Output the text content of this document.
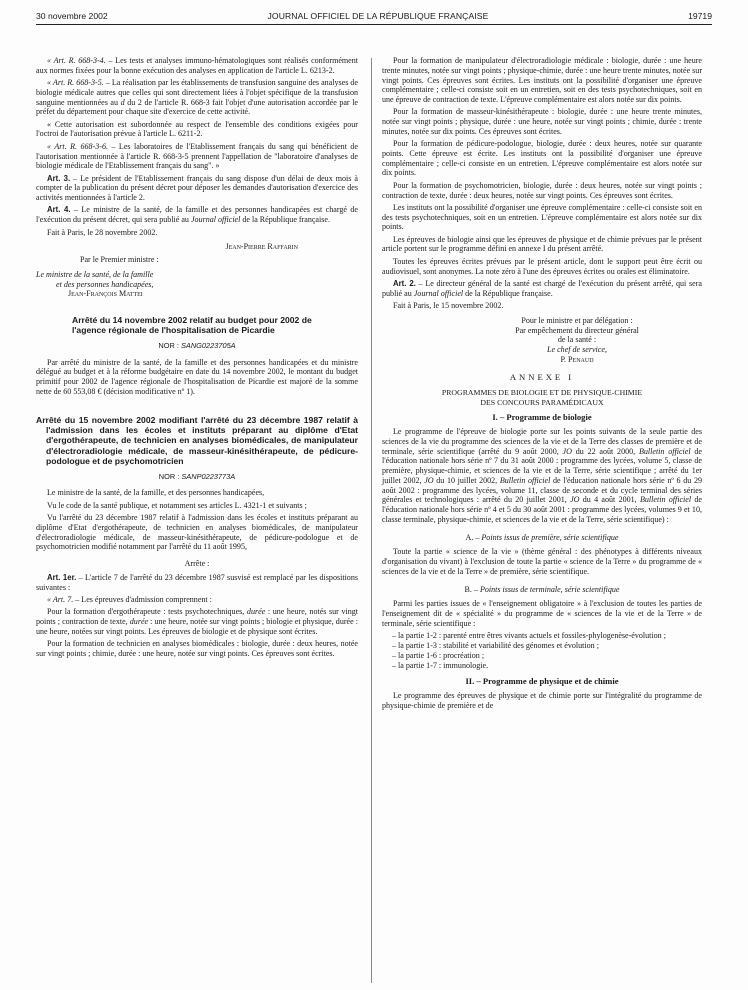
30 novembre 2002	JOURNAL OFFICIEL DE LA RÉPUBLIQUE FRANÇAISE	19719

« Art. R. 668-3-4. – Les tests et analyses immuno-hématologiques sont réalisés conformément aux normes fixées pour la bonne exécution des analyses en application de l'article L. 6213-2.

« Art. R. 668-3-5. – La réalisation par les établissements de transfusion sanguine des analyses de biologie médicale autres que celles qui sont directement liées à l'objet spécifique de la transfusion sanguine mentionnées au d du 2 de l'article R. 668-3 fait l'objet d'une autorisation accordée par le préfet du département pour chaque site d'exercice de cette activité.

« Cette autorisation est subordonnée au respect de l'ensemble des conditions exigées pour l'octroi de l'autorisation prévue à l'article L. 6211-2.

« Art. R. 668-3-6. – Les laboratoires de l'Etablissement français du sang qui bénéficient de l'autorisation mentionnée à l'article R. 668-3-5 prennent l'appellation de "laboratoire d'analyses de biologie médicale de l'Etablissement français du sang". »

Art. 3. – Le président de l'Etablissement français du sang dispose d'un délai de deux mois à compter de la publication du présent décret pour déposer les demandes d'autorisation d'exercice des activités mentionnées à l'article 2.

Art. 4. – Le ministre de la santé, de la famille et des personnes handicapées est chargé de l'exécution du présent décret, qui sera publié au Journal officiel de la République française.

Fait à Paris, le 28 novembre 2002.

Jean-Pierre Raffarin

Par le Premier ministre :

Le ministre de la santé, de la famille
et des personnes handicapées,
Jean-François Mattei
Arrêté du 14 novembre 2002 relatif au budget pour 2002 de l'agence régionale de l'hospitalisation de Picardie

NOR : SANG0223705A

Par arrêté du ministre de la santé, de la famille et des personnes handicapées et du ministre délégué au budget et à la réforme budgétaire en date du 14 novembre 2002, le montant du budget primitif pour 2002 de l'agence régionale de l'hospitalisation de Picardie est majoré de la somme nette de 60 553,08 € (décision modificative nº 1).

Arrêté du 15 novembre 2002 modifiant l'arrêté du 23 décembre 1987 relatif à l'admission dans les écoles et instituts préparant au diplôme d'Etat d'ergothérapeute, de technicien en analyses biomédicales, de manipulateur d'électroradiologie médicale, de masseur-kinésithérapeute, de pédicure-podologue et de psychomotricien

NOR : SANP0223773A

Le ministre de la santé, de la famille, et des personnes handicapées,

Vu le code de la santé publique, et notamment ses articles L. 4321-1 et suivants ;

Vu l'arrêté du 23 décembre 1987 relatif à l'admission dans les écoles et instituts préparant au diplôme d'Etat d'ergothérapeute, de technicien en analyses biomédicales, de manipulateur d'électroradiologie médicale, de masseur-kinésithérapeute, de pédicure-podologue et de psychomotricien modifié notamment par l'arrêté du 11 août 1995,

Arrête :

Art. 1er. – L'article 7 de l'arrêté du 23 décembre 1987 susvisé est remplacé par les dispositions suivantes :

« Art. 7. – Les épreuves d'admission comprennent :

Pour la formation d'ergothérapeute : tests psychotechniques, durée : une heure, notés sur vingt points ; contraction de texte, durée : une heure, notée sur vingt points ; biologie et physique, durée : une heure, notées sur vingt points. Les épreuves de biologie et de physique sont écrites.

Pour la formation de technicien en analyses biomédicales : biologie, durée : deux heures, notée sur vingt points ; chimie, durée : une heure, notée sur vingt points. Ces épreuves sont écrites.

Pour la formation de manipulateur d'électroradiologie médicale : biologie, durée : une heure trente minutes, notée sur vingt points ; physique-chimie, durée : une heure trente minutes, notée sur vingt points. Ces épreuves sont écrites. Les instituts ont la possibilité d'organiser une épreuve complémentaire ; celle-ci consiste soit en un entretien, soit en des tests psychotechniques, soit en une épreuve de contraction de texte. L'épreuve complémentaire est alors notée sur dix points.

Pour la formation de masseur-kinésithérapeute : biologie, durée : une heure trente minutes, notée sur vingt points ; physique, durée : une heure, notée sur vingt points ; chimie, durée : trente minutes, notée sur dix points. Ces épreuves sont écrites.

Pour la formation de pédicure-podologue, biologie, durée : deux heures, notée sur quarante points. Cette épreuve est écrite. Les instituts ont la possibilité d'organiser une épreuve complémentaire ; celle-ci consiste en un entretien. L'épreuve complémentaire est alors notée sur dix points.

Pour la formation de psychomotricien, biologie, durée : deux heures, notée sur vingt points ; contraction de texte, durée : deux heures, notée sur vingt points. Ces épreuves sont écrites.

Les instituts ont la possibilité d'organiser une épreuve complémentaire : celle-ci consiste soit en des tests psychotechniques, soit en un entretien. L'épreuve complémentaire est alors notée sur dix points.

Les épreuves de biologie ainsi que les épreuves de physique et de chimie prévues par le présent article portent sur le programme défini en annexe I du présent arrêté.

Toutes les épreuves écrites prévues par le présent article, dont le support peut être écrit ou audiovisuel, sont anonymes. La note zéro à l'une des épreuves écrites ou orales est éliminatoire.

Art. 2. – Le directeur général de la santé est chargé de l'exécution du présent arrêté, qui sera publié au Journal officiel de la République française.

Fait à Paris, le 15 novembre 2002.

Pour le ministre et par délégation :
Par empêchement du directeur général
de la santé :
Le chef de service,
P. Penaud

ANNEXE I

PROGRAMMES DE BIOLOGIE ET DE PHYSIQUE-CHIMIE
DES CONCOURS PARAMÉDICAUX

I. – Programme de biologie

Le programme de l'épreuve de biologie porte sur les points suivants de la seule partie des sciences de la vie du programme des sciences de la vie et de la Terre des classes de première et de terminale, série scientifique (arrêté du 9 août 2000, JO du 22 août 2000, Bulletin officiel de l'éducation nationale hors série nº 7 du 31 août 2000 : programme des lycées, volume 5, classe de première, physique-chimie, et sciences de la vie et de la Terre, série scientifique ; arrêté du 1er juillet 2002, JO du 10 juillet 2002, Bulletin officiel de l'éducation nationale hors série nº 6 du 29 août 2002 : programme des lycées, volume 11, classe de seconde et du cycle terminal des séries générales et technologiques : arrêté du 20 juillet 2001, JO du 4 août 2001, Bulletin officiel de l'éducation nationale hors série nº 4 et 5 du 30 août 2001 : programme des lycées, volumes 9 et 10, classe terminale, physique-chimie, et sciences de la vie et de la Terre, série scientifique) :

A. – Points issus de première, série scientifique

Toute la partie « science de la vie » (thème général : des phénotypes à différents niveaux d'organisation du vivant) à l'exclusion de toute la partie « science de la Terre » du programme de « sciences de la vie et de la Terre » de première, série scientifique.

B. – Points issus de terminale, série scientifique

Parmi les parties issues de « l'enseignement obligatoire » à l'exclusion de toutes les parties de l'enseignement dit de « spécialité » du programme de « sciences de la vie et de la Terre » de terminale, série scientifique :

– la partie 1-2 : parenté entre êtres vivants actuels et fossiles-phylogenèse-évolution ;

– la partie 1-3 : stabilité et variabilité des génomes et évolution ;

– la partie 1-6 : procréation ;

– la partie 1-7 : immunologie.

II. – Programme de physique et de chimie

Le programme des épreuves de physique et de chimie porte sur l'intégralité du programme de physique-chimie de première et de
